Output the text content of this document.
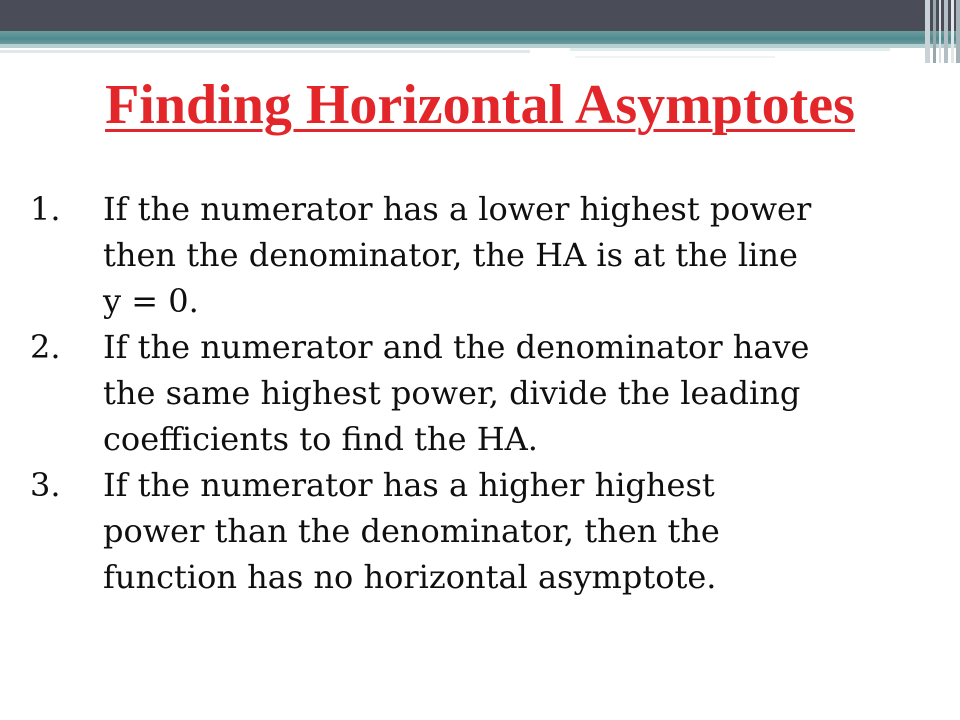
Finding Horizontal Asymptotes
1.	If the numerator has a lower highest power
then the denominator, the HA is at the line
y = 0.
2.	If the numerator and the denominator have
the same highest power, divide the leading
coefficients to find the HA.
3.	If the numerator has a higher highest
power than the denominator, then the
function has no horizontal asymptote.
